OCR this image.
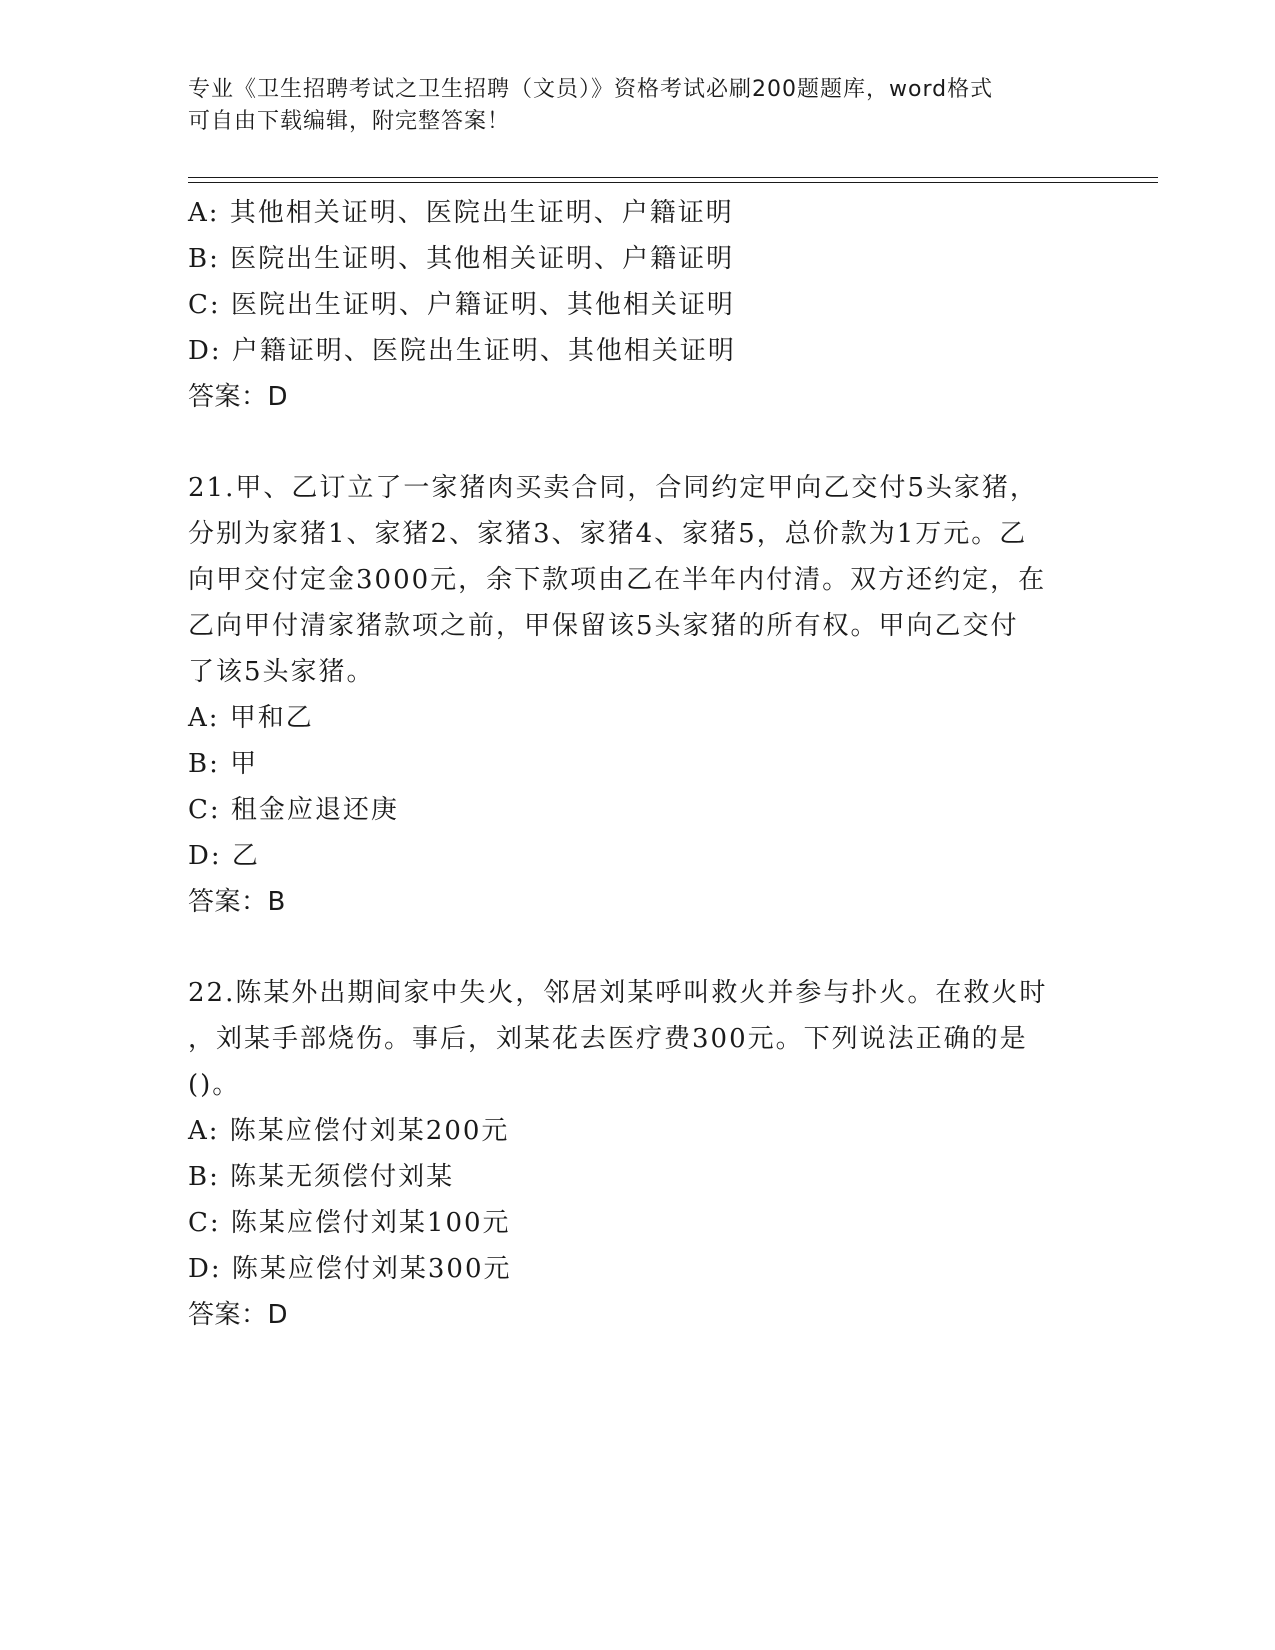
专业《卫生招聘考试之卫生招聘（文员）》资格考试必刷200题题库，word格式
可自由下载编辑，附完整答案！
A: 其他相关证明、医院出生证明、户籍证明
B: 医院出生证明、其他相关证明、户籍证明
C: 医院出生证明、户籍证明、其他相关证明
D: 户籍证明、医院出生证明、其他相关证明
答案：D
21.甲、乙订立了一家猪肉买卖合同，合同约定甲向乙交付5头家猪，
分别为家猪1、家猪2、家猪3、家猪4、家猪5，总价款为1万元。乙
向甲交付定金3000元，余下款项由乙在半年内付清。双方还约定，在
乙向甲付清家猪款项之前，甲保留该5头家猪的所有权。甲向乙交付
了该5头家猪。
A: 甲和乙
B: 甲
C: 租金应退还庚
D: 乙
答案：B
22.陈某外出期间家中失火，邻居刘某呼叫救火并参与扑火。在救火时
，刘某手部烧伤。事后，刘某花去医疗费300元。下列说法正确的是
()。
A: 陈某应偿付刘某200元
B: 陈某无须偿付刘某
C: 陈某应偿付刘某100元
D: 陈某应偿付刘某300元
答案：D
